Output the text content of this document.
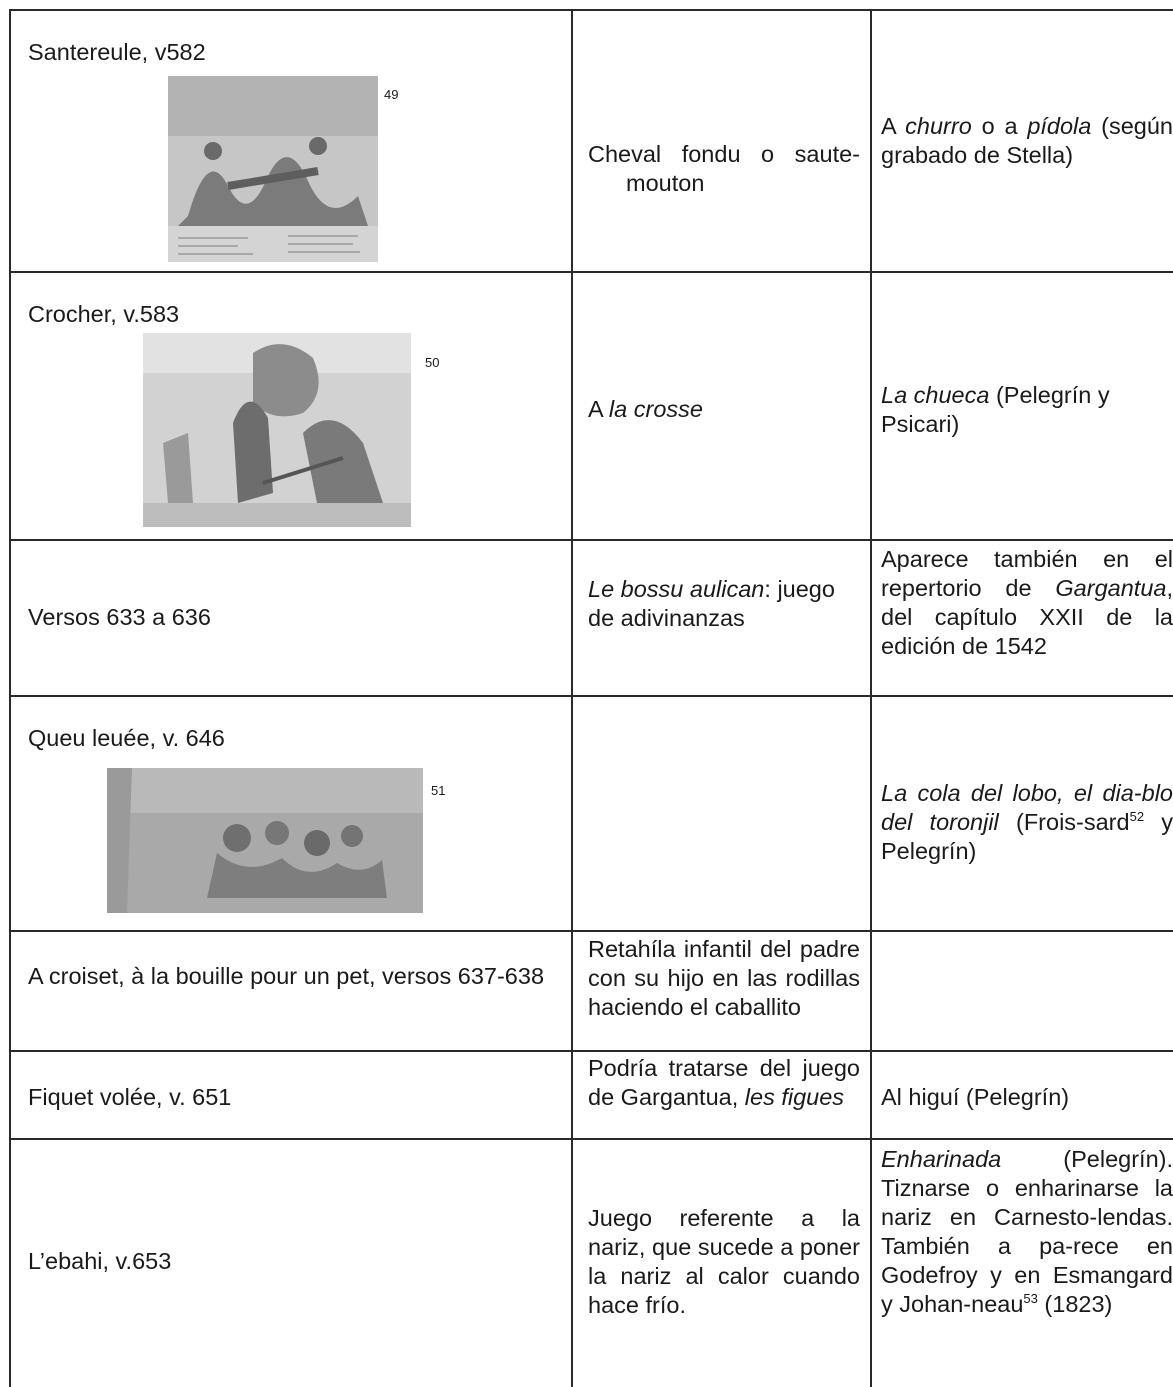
Santereule, v582
49
Cheval fondu o saute-
mouton
A churro o a pídola (según grabado de Stella)
Crocher, v.583
50
A la crosse
La chueca (Pelegrín y Psicari)
Versos 633 a 636
Le bossu aulican: juego de adivinanzas
Aparece también en el repertorio de Gargantua, del capítulo XXII de la edición de 1542
Queu leuée, v. 646
51	La cola del lobo, el dia-blo del toronjil (Frois-sard$^{52}$ y Pelegrín)
A croiset, à la bouille pour un pet, versos 637-638
Retahíla infantil del padre con su hijo en las rodillas haciendo el caballito
Fiquet volée, v. 651
Podría tratarse del juego de Gargantua, les figues	Al higuí (Pelegrín)
L’ebahi, v.653
Juego referente a la nariz, que sucede a poner la nariz al calor cuando hace frío.
Enharinada (Pelegrín). Tiznarse o enharinarse la nariz en Carnesto-lendas. También a pa-rece en Godefroy y en Esmangard y Johan-neau$^{53}$ (1823)
